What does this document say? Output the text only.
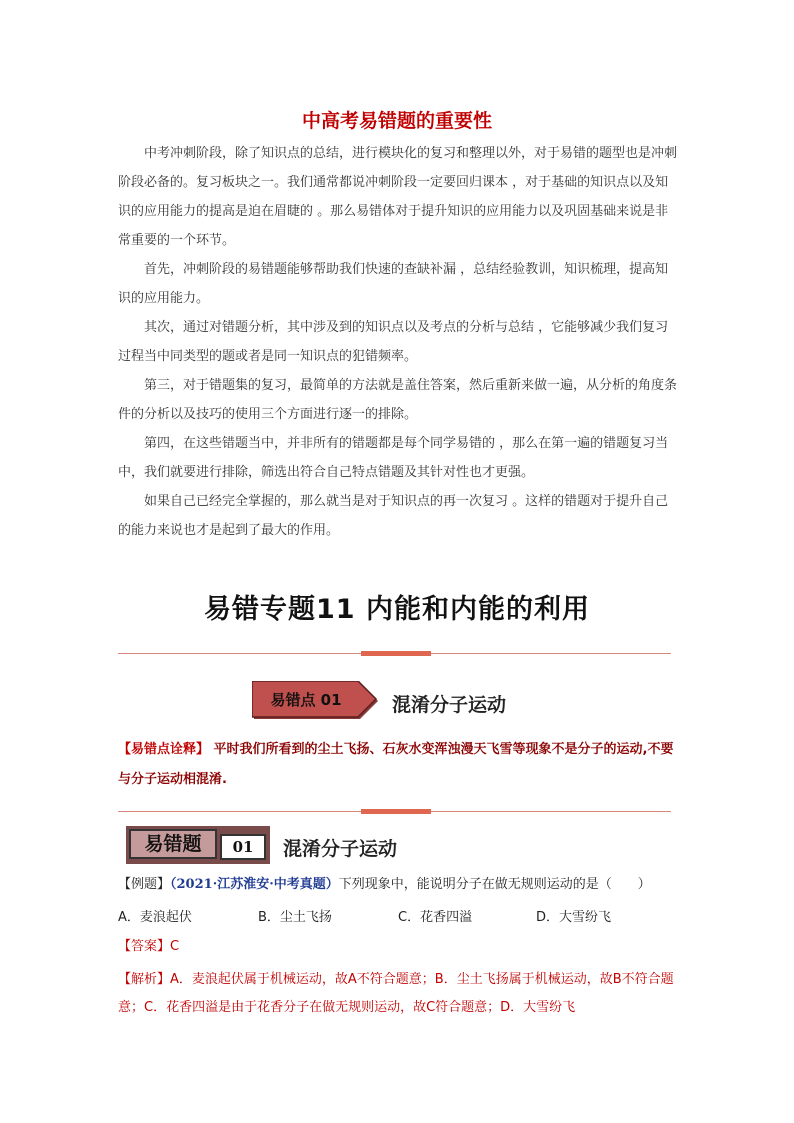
中高考易错题的重要性

中考冲刺阶段，除了知识点的总结，进行模块化的复习和整理以外，对于易错的题型也是冲刺阶段必备的。复习板块之一。我们通常都说冲刺阶段一定要回归课本 ，对于基础的知识点以及知识的应用能力的提高是迫在眉睫的 。那么易错体对于提升知识的应用能力以及巩固基础来说是非常重要的一个环节。

首先，冲刺阶段的易错题能够帮助我们快速的查缺补漏 ，总结经验教训，知识梳理，提高知识的应用能力。

其次，通过对错题分析，其中涉及到的知识点以及考点的分析与总结 ，它能够减少我们复习过程当中同类型的题或者是同一知识点的犯错频率。

第三，对于错题集的复习，最简单的方法就是盖住答案，然后重新来做一遍，从分析的角度条件的分析以及技巧的使用三个方面进行逐一的排除。

第四，在这些错题当中，并非所有的错题都是每个同学易错的 ，那么在第一遍的错题复习当中，我们就要进行排除，筛选出符合自己特点错题及其针对性也才更强。

如果自己已经完全掌握的，那么就当是对于知识点的再一次复习 。这样的错题对于提升自己的能力来说也才是起到了最大的作用。

易错专题11 内能和内能的利用
易错点 01	混淆分子运动
【易错点诠释】 平时我们所看到的尘土飞扬、石灰水变浑浊漫天飞雪等现象不是分子的运动,不要与分子运动相混淆.
易错题	01	混淆分子运动
【例题】（2021·江苏淮安·中考真题）下列现象中，能说明分子在做无规则运动的是（　　）
A．麦浪起伏	B．尘土飞扬	C．花香四溢	D．大雪纷飞
【答案】C
【解析】A．麦浪起伏属于机械运动，故A不符合题意；B．尘土飞扬属于机械运动，故B不符合题意；C．花香四溢是由于花香分子在做无规则运动，故C符合题意；D．大雪纷飞
